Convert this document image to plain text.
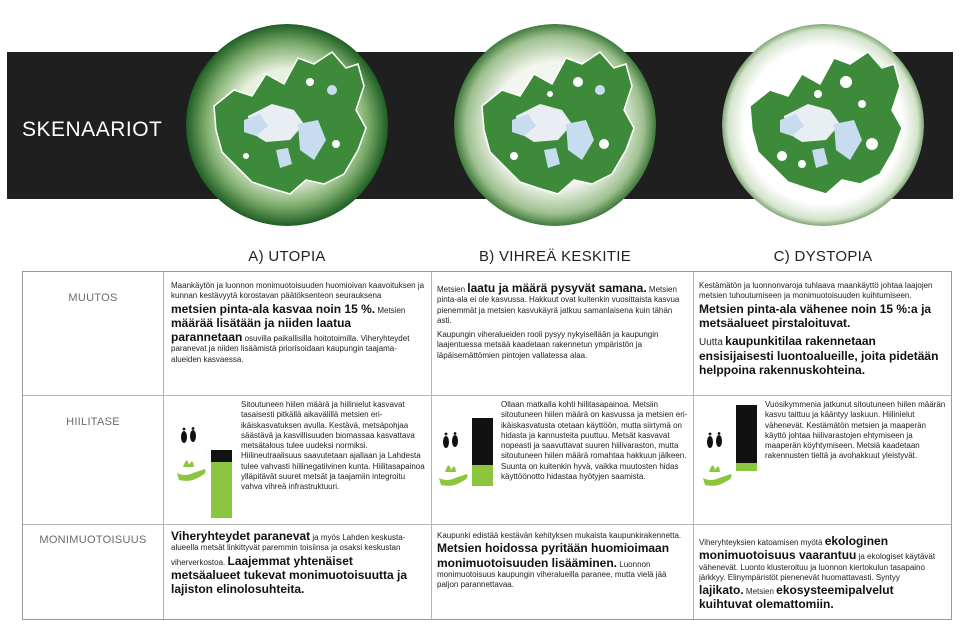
SKENAARIOT
A) UTOPIA	B) VIHREÄ KESKITIE	C) DYSTOPIA
MUUTOS
HIILITASE
MONIMUOTOISUUS
Maankäytön ja luonnon monimuotoisuuden huomioivan kaavoituksen ja kunnan kestävyytä korostavan päätöksenteon seurauksena metsien pinta-ala kasvaa noin 15 %. Metsien määrää lisätään ja niiden laatua parannetaan osuvilla paikallisilla hoitotoimilla. Viheryhteydet paranevat ja niiden lisäämistä priorisoidaan kaupungin taajama-alueiden kasvaessa.

Metsien laatu ja määrä pysyvät samana. Metsien pinta-ala ei ole kasvussa. Hakkuut ovat kuitenkin vuosittaista kasvua pienemmät ja metsien kasvukäyrä jatkuu samanlaisena kuin tähän asti.

Kaupungin viheralueiden rooli pysyy nykyisellään ja kaupungin laajentuessa metsää kaadetaan rakennetun ympäristön ja läpäisemättömien pintojen vallatessa alaa.

Kestämätön ja luonnonvaroja tuhlaava maankäyttö johtaa laajojen metsien tuhoutumiseen ja monimuotoisuuden kuihtumiseen. Metsien pinta-ala vähenee noin 15 %:a ja metsäalueet pirstaloituvat.

Uutta kaupunkitilaa rakennetaan ensisijaisesti luontoalueille, joita pidetään helppoina rakennuskohteina.

Sitoutuneen hiilen määrä ja hiilinielut kasvavat tasaisesti pitkällä aikavälillä metsien eri-ikäiskasvatuksen avulla. Kestävä, metsäpohjaa säästävä ja kasvillisuuden biomassaa kasvattava metsätalous tulee uudeksi normiksi. Hiilineutraalisuus saavutetaan ajallaan ja Lahdesta tulee vahvasti hiilinegatiivinen kunta. Hiilitasapainoa ylläpitävät suuret metsät ja taajamiin integroitu vahva vihreä infrastruktuuri.
Ollaan matkalla kohti hiilitasapainoa. Metsiin sitoutuneen hiilen määrä on kasvussa ja metsien eri-ikäiskasvatusta otetaan käyttöön, mutta siirtymä on hidasta ja kannusteita puuttuu. Metsät kasvavat nopeasti ja saavuttavat suuren hiilivaraston, mutta sitoutuneen hiilen määrä romahtaa hakkuun jälkeen. Suunta on kuitenkin hyvä, vaikka muutosten hidas käyttöönotto hidastaa hyötyjen saamista.
Vuosikymmenia jatkunut sitoutuneen hiilen määrän kasvu taittuu ja kääntyy laskuun. Hiilinielut vähenevät. Kestämätön metsien ja maaperän käyttö johtaa hiilivarastojen ehtymiseen ja maaperän köyhtymiseen. Metsiä kaadetaan rakennusten tieltä ja avohakkuut yleistyvät.
Viheryhteydet paranevat ja myös Lahden keskusta-alueella metsät linkittyvät paremmin toisiinsa ja osaksi keskustan viherverkostoa. Laajemmat yhtenäiset metsäalueet tukevat monimuotoisuutta ja lajiston elinolosuhteita.
Kaupunki edistää kestävän kehityksen mukaista kaupunkirakennetta. Metsien hoidossa pyritään huomioimaan monimuotoisuuden lisääminen. Luonnon monimuotoisuus kaupungin viheralueilla paranee, mutta vielä jää paljon parannettavaa.
Viheryhteyksien katoamisen myötä ekologinen monimuotoisuus vaarantuu ja ekologiset käytävät vähenevät. Luonto klusteroituu ja luonnon kiertokulun tasapaino järkkyy. Elinympäristöt pienenevät huomattavasti. Syntyy lajikato. Metsien ekosysteemipalvelut kuihtuvat olemattomiin.
